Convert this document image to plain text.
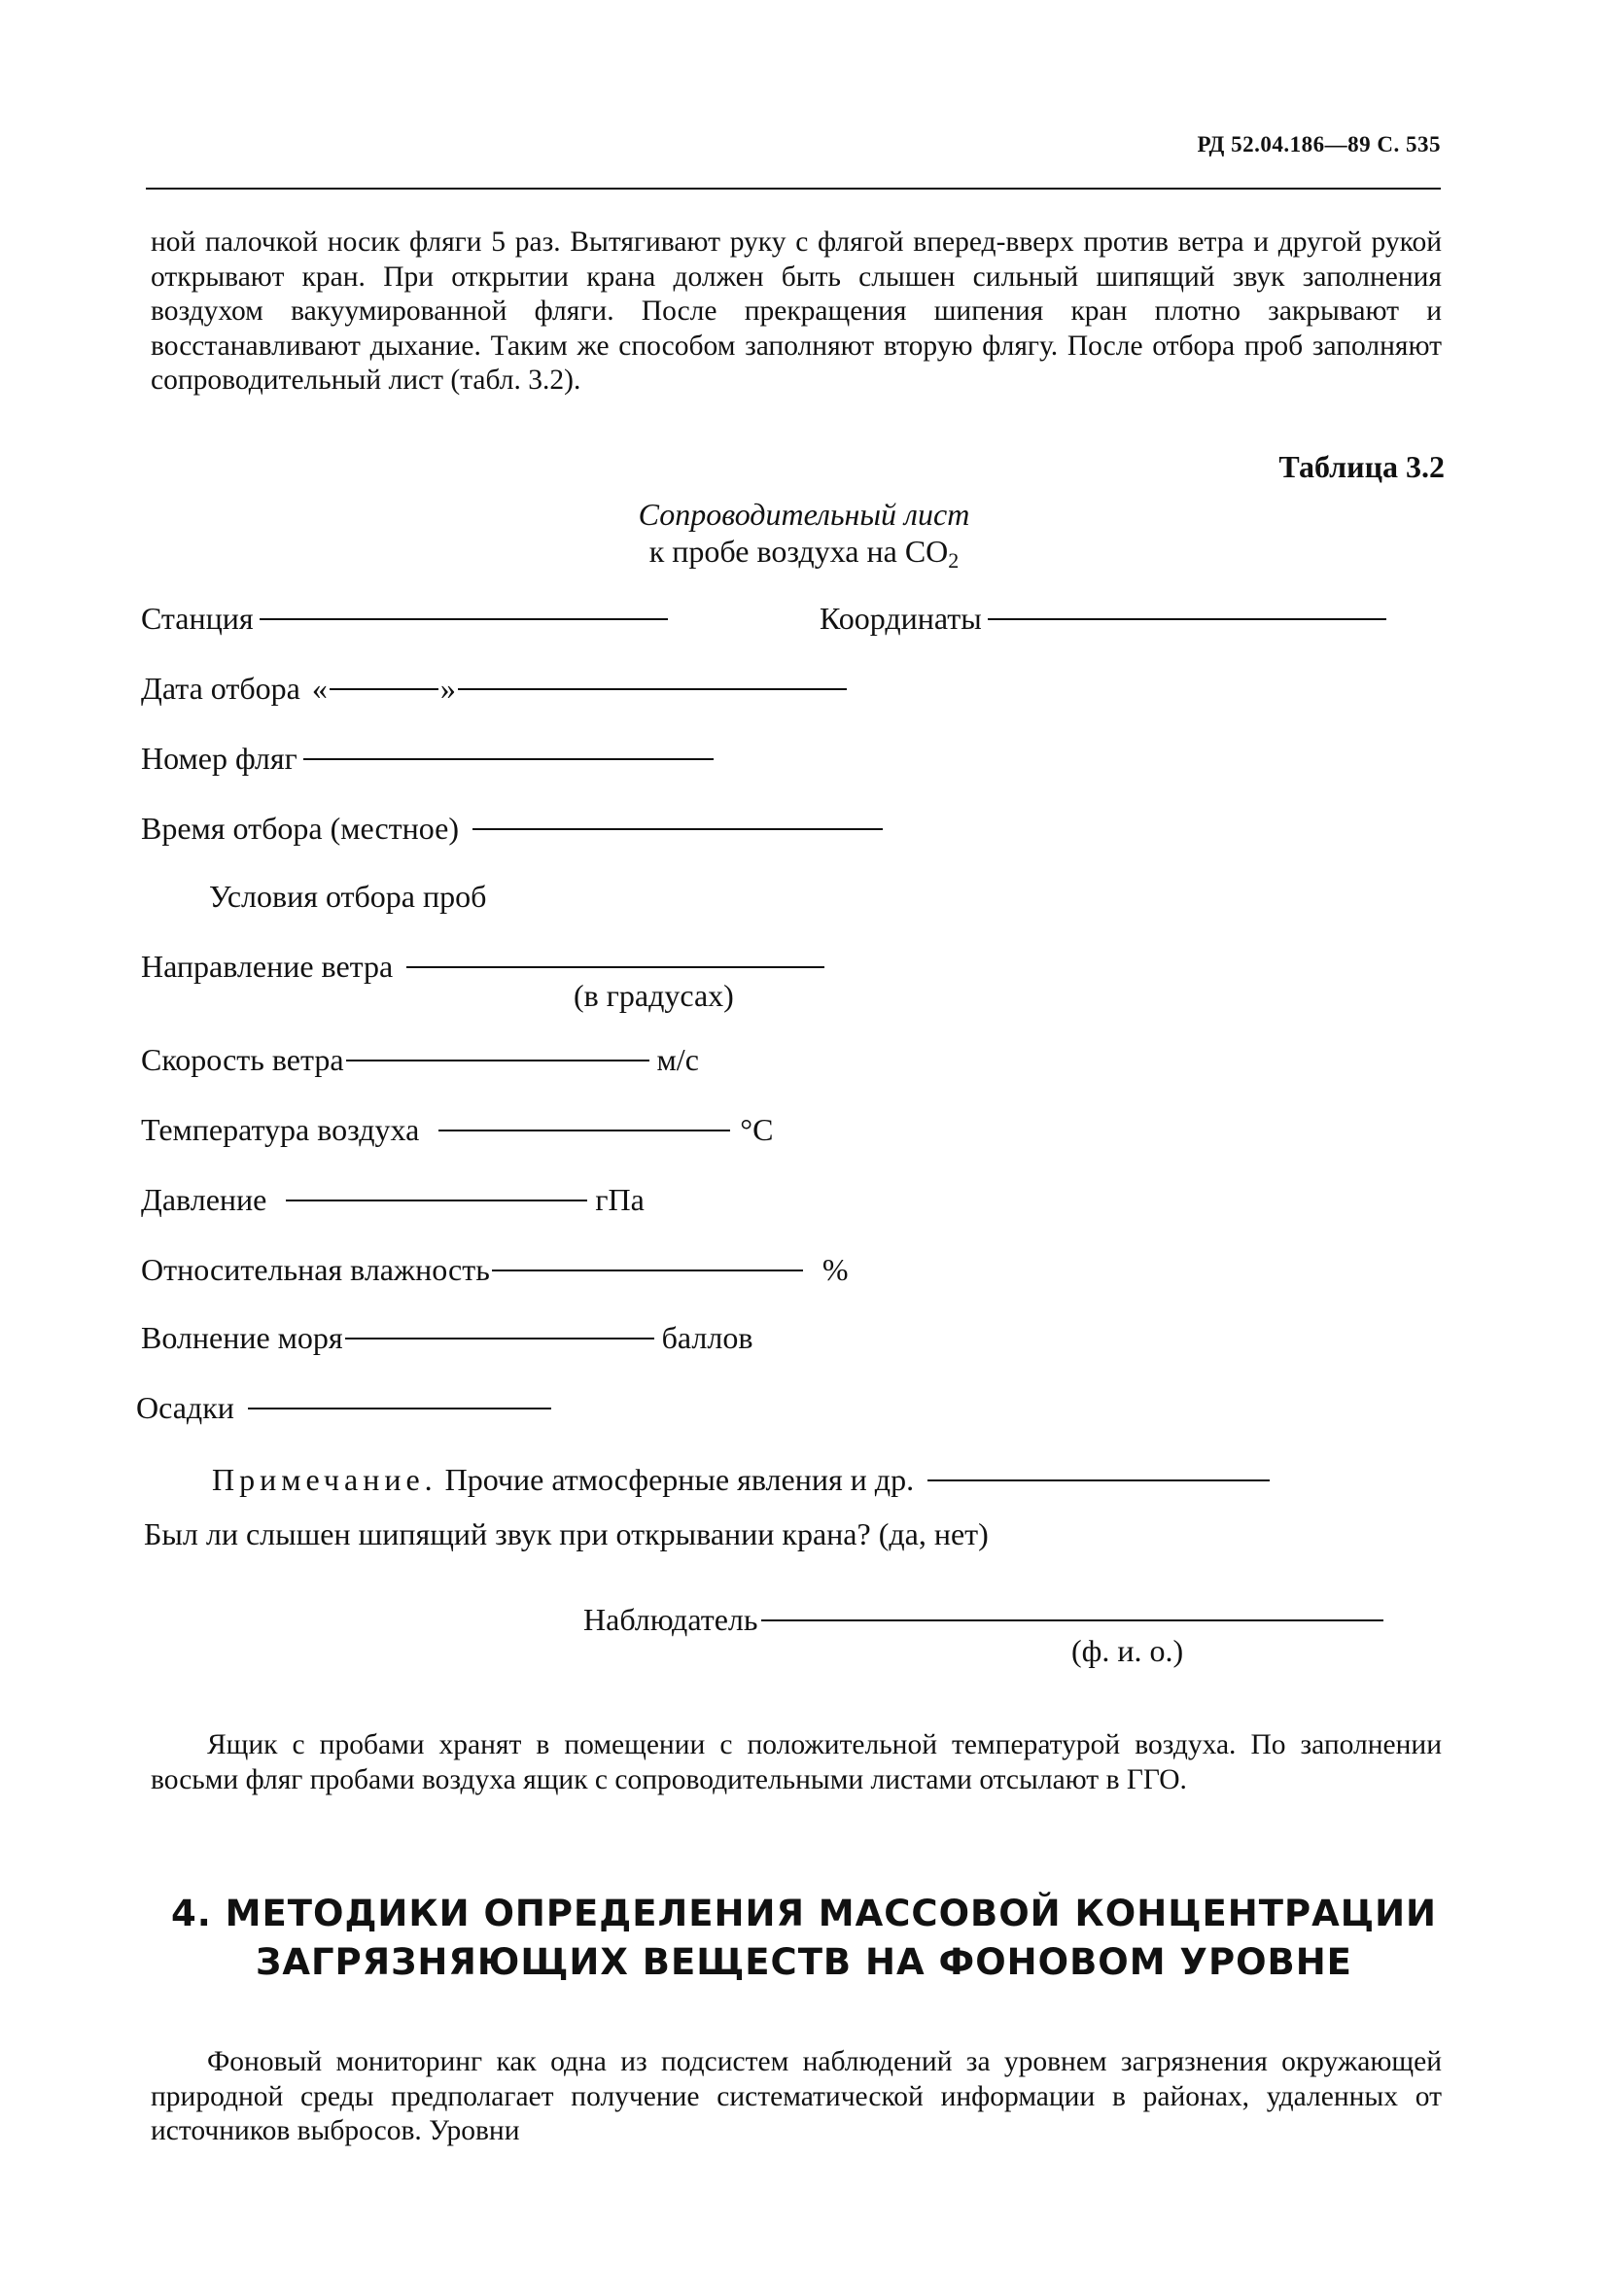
РД 52.04.186—89 С. 535
ной палочкой носик фляги 5 раз. Вытягивают руку с флягой вперед-вверх против ветра и другой рукой открывают кран. При открытии крана должен быть слышен сильный шипящий звук заполнения воздухом вакуумированной фляги. После прекращения шипения кран плотно закрывают и восстанавливают дыхание. Таким же способом заполняют вторую флягу. После отбора проб заполняют сопроводительный лист (табл. 3.2).
Таблица 3.2
Сопроводительный лист
к пробе воздуха на $CO_2$
Станция	Координаты
Дата отбора «	»
Номер фляг
Время отбора (местное)
Условия отбора проб
Направление ветра
(в градусах)
Скорость ветра	м/с
Температура воздуха	°C
Давление	гПа
Относительная влажность	%
Волнение моря	баллов
Осадки
Примечание. Прочие атмосферные явления и др.
Был ли слышен шипящий звук при открывании крана? (да, нет)
Наблюдатель
(ф. и. о.)
Ящик с пробами хранят в помещении с положительной температурой воздуха. По заполнении восьми фляг пробами воздуха ящик с сопроводительными листами отсылают в ГГО.
4. МЕТОДИКИ ОПРЕДЕЛЕНИЯ МАССОВОЙ КОНЦЕНТРАЦИИ
ЗАГРЯЗНЯЮЩИХ ВЕЩЕСТВ НА ФОНОВОМ УРОВНЕ
Фоновый мониторинг как одна из подсистем наблюдений за уровнем загрязнения окружающей природной среды предполагает получение систематической информации в районах, удаленных от источников выбросов. Уровни
